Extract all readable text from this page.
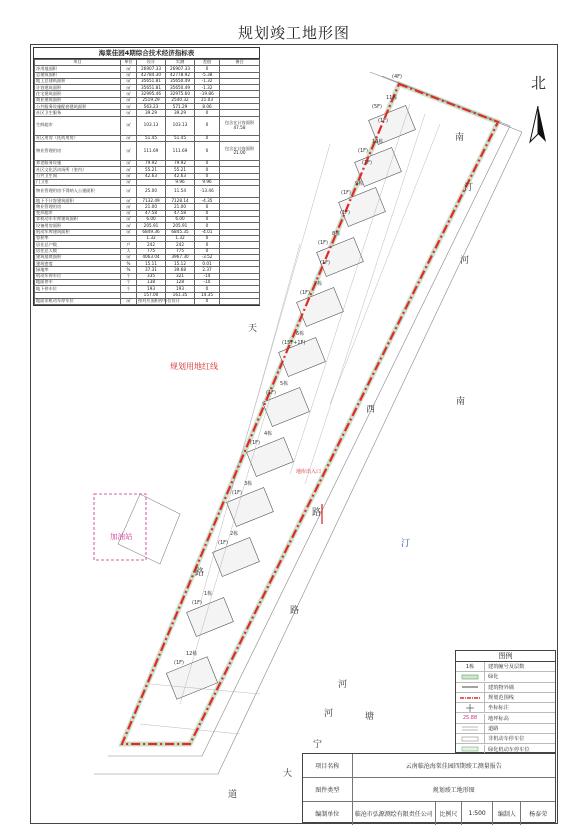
规划竣工地形图
北
南
汀
河
西
路
天
南
汀
河
宁
大
道
路
路
河	塘
规划用地红线
加油站
地库出入口
11栋
10栋
9栋
8栋
7栋
6栋
5栋
4栋
3栋
2栋
1栋
12栋
(5F)
(1F)
(1F)
(1F)
(1F)
(15F+1F)
(1F)
(1F)
(1F)
(1F)
(1F)
(1F)
(4F)
(1F)
(1F)
(1F)
(1F)
海棠佳园4期综合技术经济指标表
项目	单位	设计	实测	差值	备注
净用地面积	㎡	26907.33	26907.33	0	
总建筑面积	㎡	42784.30	42778.92	-5.38	
地上总建筑面积	㎡	35651.81	35650.49	-1.32	
计容建筑面积	㎡	35651.81	35650.49	-1.32	
住宅建筑面积	㎡	32995.46	32975.60	-19.86	
商业建筑面积	㎡	2519.29	2540.32	21.03	
公共服务设施配套建筑面积	㎡	563.23	571.29	8.06	
社区卫生服务	㎡	39.29	39.29	0	
生鲜超市	㎡	103.13	103.13	0	包含在计容面积47.58
社区用房（托幼用房）	㎡	51.45	51.45	0	
物业管理用房	㎡	111.69	111.69	0	包含在计容面积21.00
养老服务设施	㎡	79.92	79.92	0	
社区文化活动场所（室内）	㎡	55.21	55.21	0	
公共卫生间	㎡	42.63	42.63	0	
门卫室	㎡		9.96	9.96	
物业管理用房不得纳入公建面积	㎡	25.00	11.54	-13.46	
地下不计容建筑面积	㎡	7132.49	7128.14	-4.35	
物业管理用房	㎡	21.00	21.00	0	
变形超市	㎡	47.58	47.58	0	
非机动车车库建筑面积	㎡	6.00	6.00	0	
设备用房面积	㎡	205.91	205.91	0	
机动车库建筑面积	㎡	6849.36	6845.35	-4.01	
容积率		1.32	1.32	0	
居住总户数	户	242	242	0	
居住总人数	人	775	775	0	
建筑基底面积	㎡	4063.04	3967.30	-3.52	
建筑密度	%	15.11	15.12	0.01	
绿地率	%	37.31	39.68	2.37	
机动车停车位	个	335	321	-14	
地面停车	个	138	128	-10	
地下停车位	个	193	193	0	
		157.00	161.35	14.35	
地面非机动车停车位	㎡	按对应面积停车位设计		0	
图例
1栋	建筑幢号及层数
绿化
建筑物外墙
规划范围线
坐标标注
25.88	地坪标高
道路
非机动车停车位
绿化机动车停车位
项目名称	云南临沧海棠佳园四期竣工测量报告
图件类型	规划竣工地形图
编制单位	临沧市弘源测绘有限责任公司	比例尺	1:500	编制人	杨泰荣
